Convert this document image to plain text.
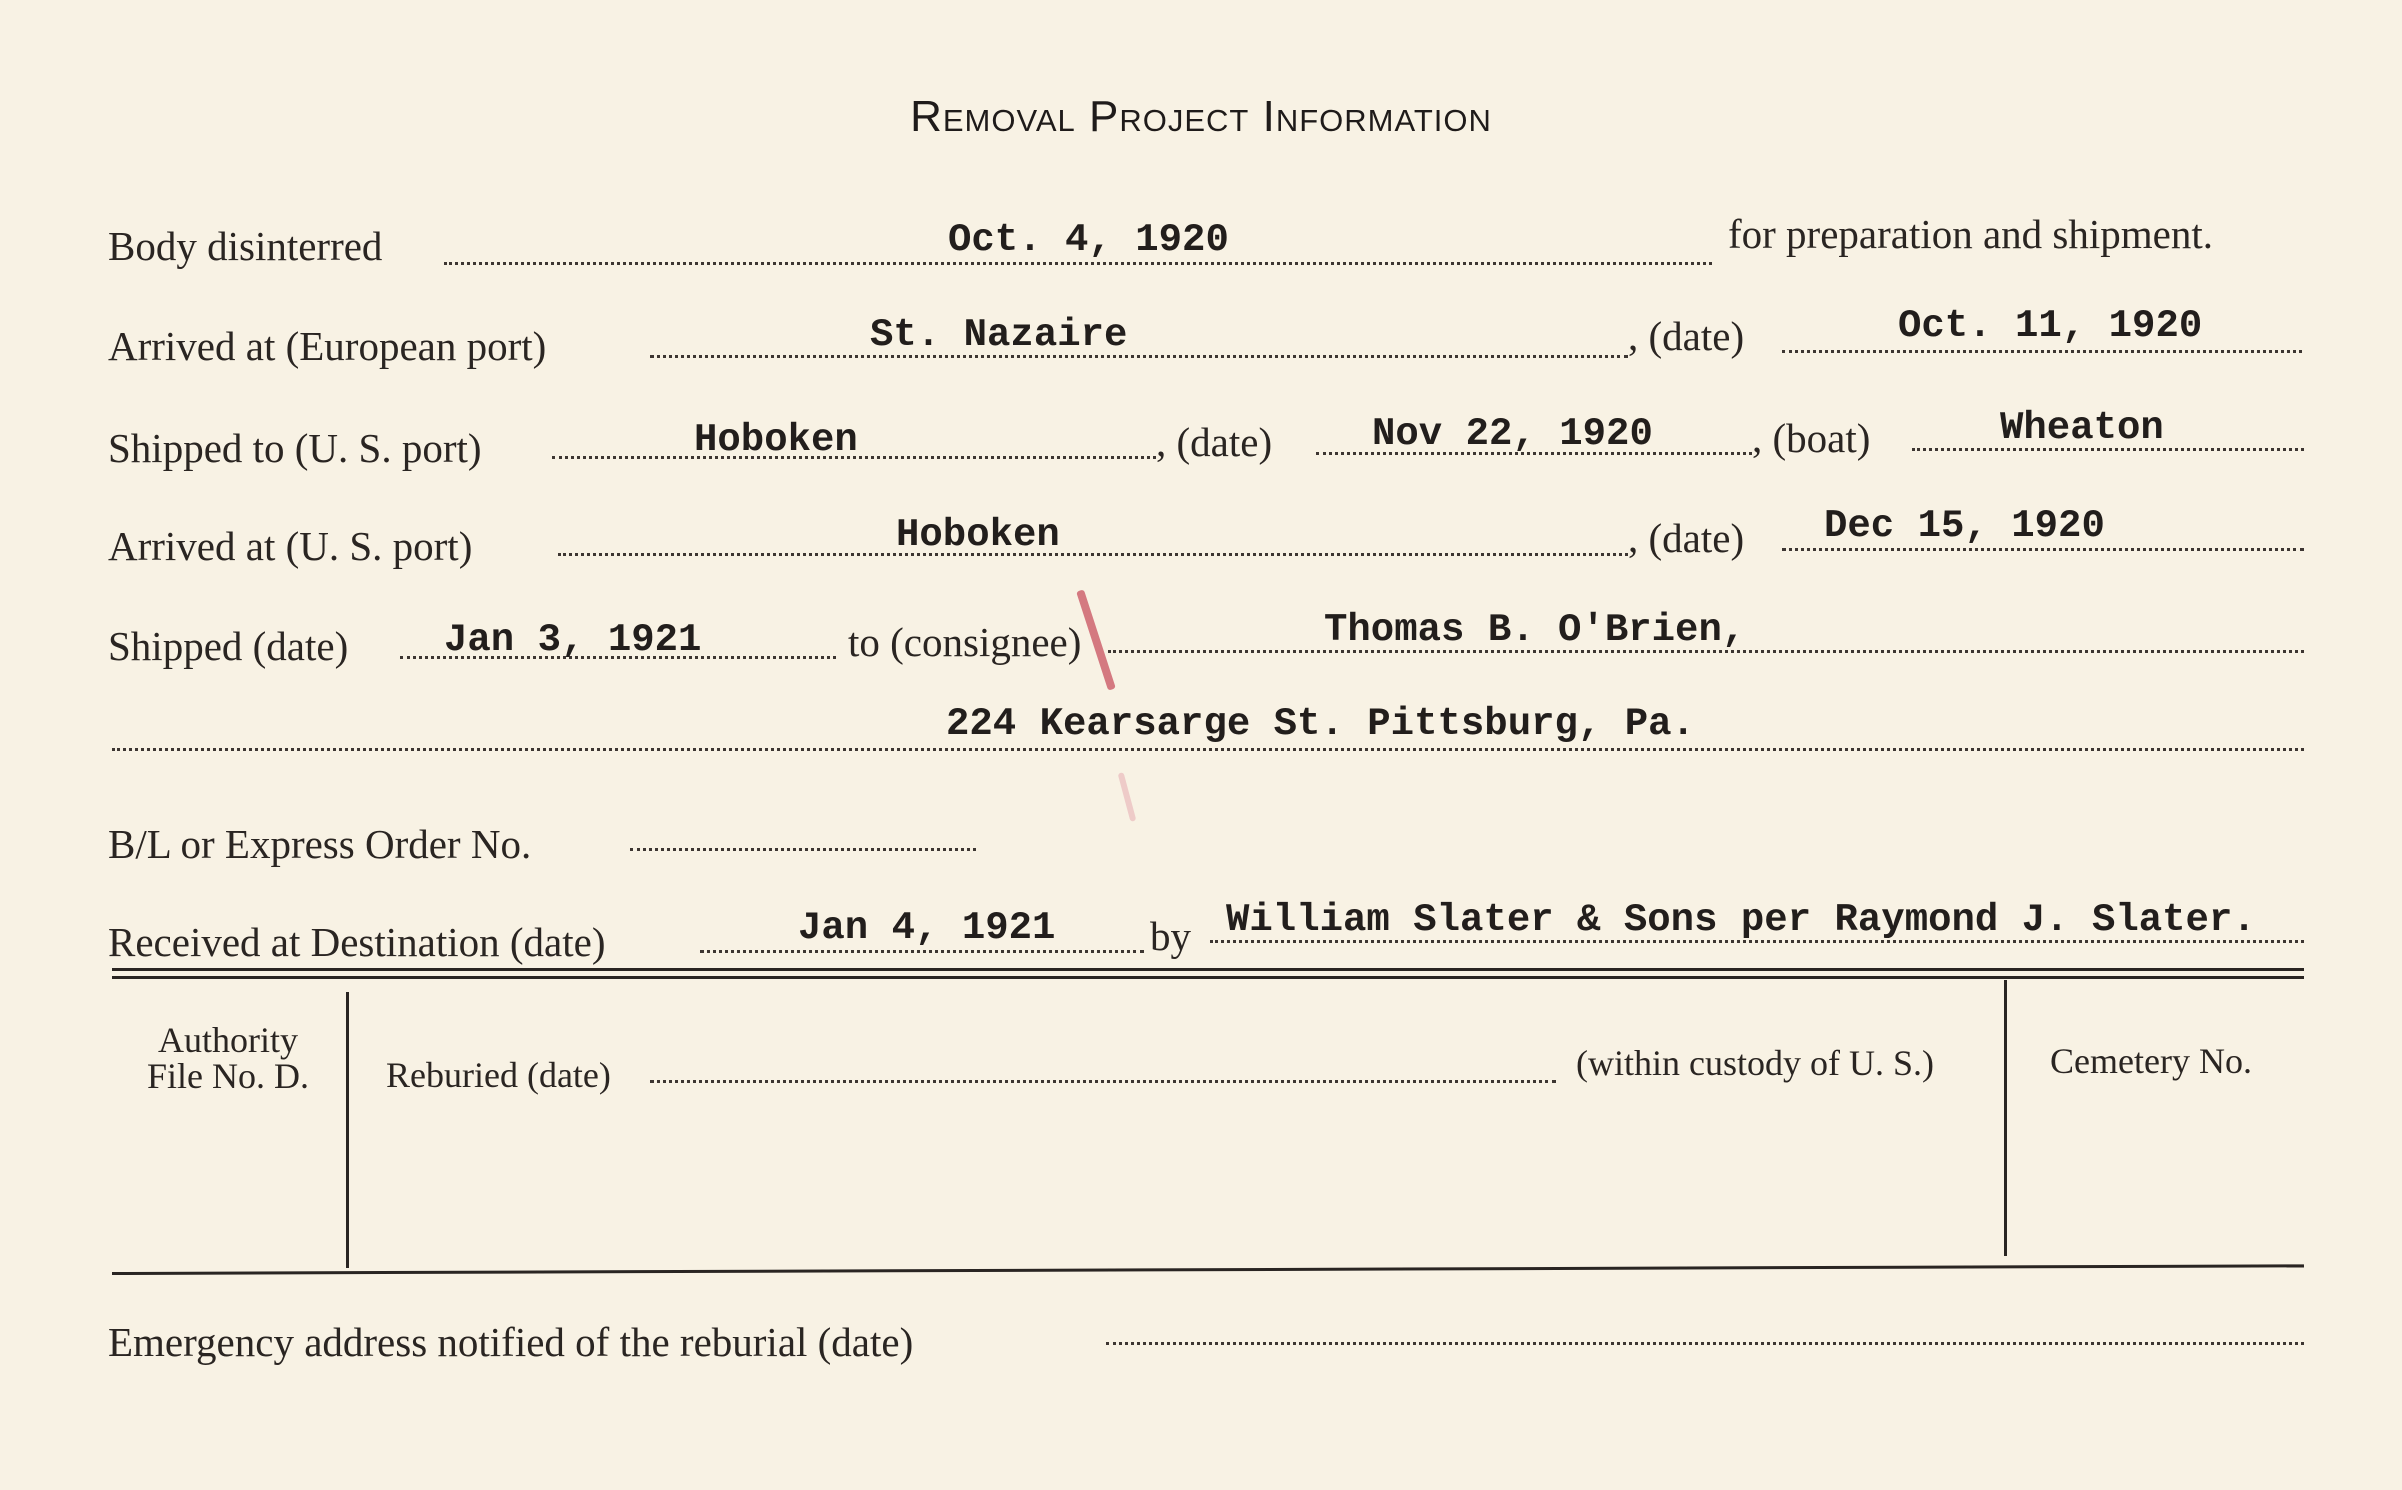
Removal Project Information
Body disinterred	Oct. 4, 1920	for preparation and shipment.
Arrived at (European port)	St. Nazaire	, (date)	Oct. 11, 1920
Shipped to (U. S. port)	Hoboken	, (date)	Nov 22, 1920 , (boat)	Wheaton
Arrived at (U. S. port)	Hoboken	, (date) Dec 15, 1920
Shipped (date) Jan 3, 1921	to (consignee)	Thomas B. O'Brien,
224 Kearsarge St. Pittsburg, Pa.
B/L or Express Order No.
Received at Destination (date)	Jan 4, 1921 by William Slater & Sons per Raymond J. Slater.
Authority
File No. D.	Reburied (date)	(within custody of U. S.)	Cemetery No.
Emergency address notified of the reburial (date)
